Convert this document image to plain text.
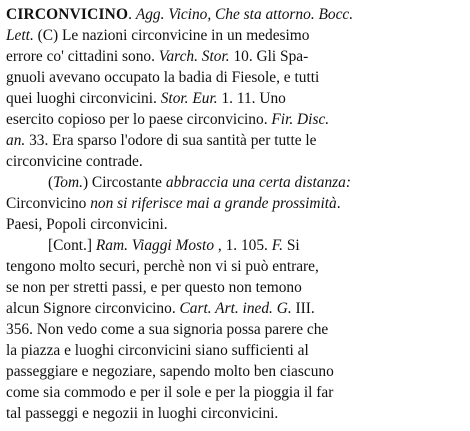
CIRCONVICINO. Agg. Vicino, Che sta attorno. Bocc.
Lett. (C) Le nazioni circonvicine in un medesimo
errore co' cittadini sono. Varch. Stor. 10. Gli Spa-
gnuoli avevano occupato la badia di Fiesole, e tutti
quei luoghi circonvicini. Stor. Eur. 1. 11. Uno
esercito copioso per lo paese circonvicino. Fir. Disc.
an. 33. Era sparso l'odore di sua santità per tutte le
circonvicine contrade.
(Tom.) Circostante abbraccia una certa distanza:
Circonvicino non si riferisce mai a grande prossimità.
Paesi, Popoli circonvicini.
[Cont.] Ram. Viaggi Mosto , 1. 105. F. Si
tengono molto securi, perchè non vi si può entrare,
se non per stretti passi, e per questo non temono
alcun Signore circonvicino. Cart. Art. ined. G. III.
356. Non vedo come a sua signoria possa parere che
la piazza e luoghi circonvicini siano sufficienti al
passeggiare e negoziare, sapendo molto ben ciascuno
come sia commodo e per il sole e per la pioggia il far
tal passeggi e negozii in luoghi circonvicini.
